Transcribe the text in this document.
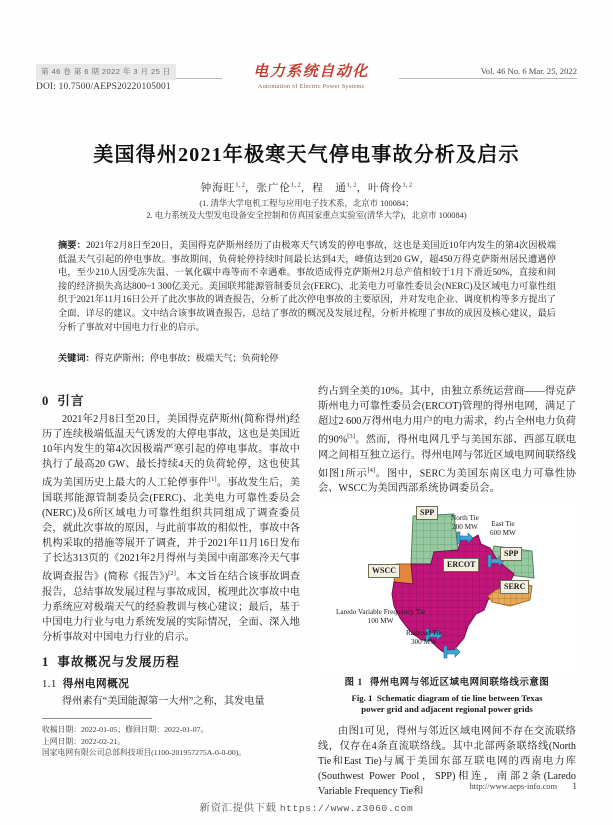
第 46 卷 第 6 期 2022 年 3 月 25 日
DOI: 10.7500/AEPS20220105001
电力系统自动化
Automation of Electric Power Systems
Vol. 46 No. 6 Mar. 25, 2022
美国得州2021年极寒天气停电事故分析及启示
钟海旺$^{1, 2}$，张广伦$^{1, 2}$，程　通$^{1, 2}$，叶倚伶$^{1, 2}$
(1. 清华大学电机工程与应用电子技术系，北京市 100084；
2. 电力系统及大型发电设备安全控制和仿真国家重点实验室(清华大学)，北京市 100084)
摘要：2021年2月8日至20日，美国得克萨斯州经历了由极寒天气诱发的停电事故，这也是美国近10年内发生的第4次因极端低温天气引起的停电事故。事故期间，负荷轮停持续时间最长达到4天，峰值达到20 GW，超450万得克萨斯州居民遭遇停电，至少210人因受冻失温、一氧化碳中毒等而不幸遇难。事故造成得克萨斯州2月总产值相较于1月下滑近50%，直接和间接的经济损失高达800~1 300亿美元。美国联邦能源管制委员会(FERC)、北美电力可靠性委员会(NERC)及区域电力可靠性组织于2021年11月16日公开了此次事故的调查报告，分析了此次停电事故的主要原因，并对发电企业、调度机构等多方提出了全面、详尽的建议。文中结合该事故调查报告，总结了事故的概况及发展过程，分析并梳理了事故的成因及核心建议，最后分析了事故对中国电力行业的启示。
关键词：得克萨斯州；停电事故；极端天气；负荷轮停
0 引言

2021年2月8日至20日，美国得克萨斯州(简称得州)经历了连续极端低温天气诱发的大停电事故，这也是美国近10年内发生的第4次因极端严寒引起的停电事故。事故中执行了最高20 GW、最长持续4天的负荷轮停，这也使其成为美国历史上最大的人工轮停事件[1]。事故发生后，美国联邦能源管制委员会(FERC)、北美电力可靠性委员会(NERC)及6所区域电力可靠性组织共同组成了调查委员会，就此次事故的原因，与此前事故的相似性，事故中各机构采取的措施等展开了调查，并于2021年11月16日发布了长达313页的《2021年2月得州与美国中南部寒冷天气事故调查报告》(简称《报告》)[2]。本文旨在结合该事故调查报告，总结事故发展过程与事故成因，梳理此次事故中电力系统应对极端天气的经验教训与核心建议；最后，基于中国电力行业与电力系统发展的实际情况，全面、深入地分析事故对中国电力行业的启示。

1 事故概况与发展历程
1.1 得州电网概况

得州素有“美国能源第一大州”之称，其发电量

约占到全美的10%。其中，由独立系统运营商——得克萨斯州电力可靠性委员会(ERCOT)管理的得州电网，满足了超过2 600万得州电力用户的电力需求，约占全州电力负荷的90%[3]。然而，得州电网几乎与美国东部、西部互联电网之间相互独立运行。得州电网与邻近区域电网间联络线如图1所示[4]。图中，SERC为美国东南区电力可靠性协会、WSCC为美国西部系统协调委员会。

SPP
SPP
ERCOT
SERC
WSCC
North Tie
200 MW East Tie
600 MW
Laredo Variable Frequency Tie
100 MW
Railroad Tie
300 MW
图 1 得州电网与邻近区域电网间联络线示意图
Fig. 1 Schematic diagram of tie line between Texas
power grid and adjacent regional power grids

由图1可见，得州与邻近区域电网间不存在交流联络线，仅存在4条直流联络线。其中北部两条联络线(North Tie和East Tie)与属于美国东部互联电网的西南电力库(Southwest Power Pool，SPP)相连，南部2条(Laredo Variable Frequency Tie和

收稿日期：2022-01-05；修回日期：2022-01-07。
上网日期：2022-02-21。
国家电网有限公司总部科技项目(1100-201957275A-0-0-00)。
http://www.aeps-info.com 1
新资汇提供下载 https://www.z3060.com
